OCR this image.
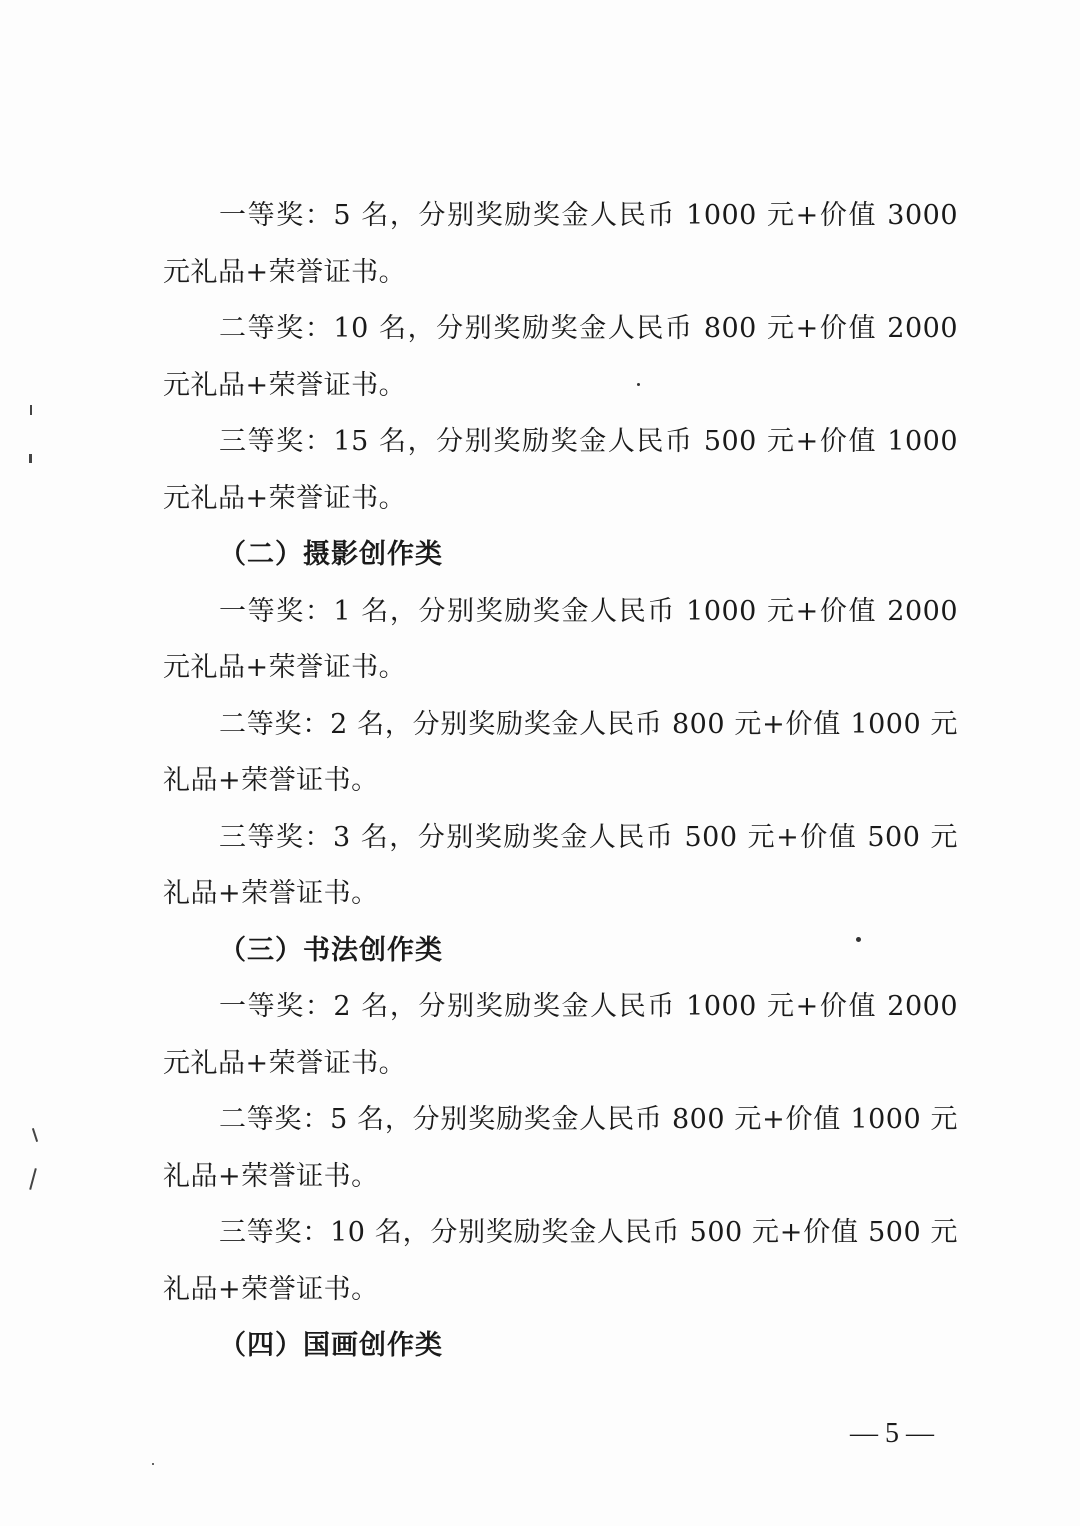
一等奖：5 名，分别奖励奖金人民币 1000 元+价值 3000 元礼品+荣誉证书。

二等奖：10 名，分别奖励奖金人民币 800 元+价值 2000 元礼品+荣誉证书。

三等奖：15 名，分别奖励奖金人民币 500 元+价值 1000 元礼品+荣誉证书。

（二）摄影创作类

一等奖：1 名，分别奖励奖金人民币 1000 元+价值 2000 元礼品+荣誉证书。

二等奖：2 名，分别奖励奖金人民币 800 元+价值 1000 元礼品+荣誉证书。

三等奖：3 名，分别奖励奖金人民币 500 元+价值 500 元礼品+荣誉证书。

（三）书法创作类

一等奖：2 名，分别奖励奖金人民币 1000 元+价值 2000 元礼品+荣誉证书。

二等奖：5 名，分别奖励奖金人民币 800 元+价值 1000 元礼品+荣誉证书。

三等奖：10 名，分别奖励奖金人民币 500 元+价值 500 元礼品+荣誉证书。

（四）国画创作类

— 5 —
